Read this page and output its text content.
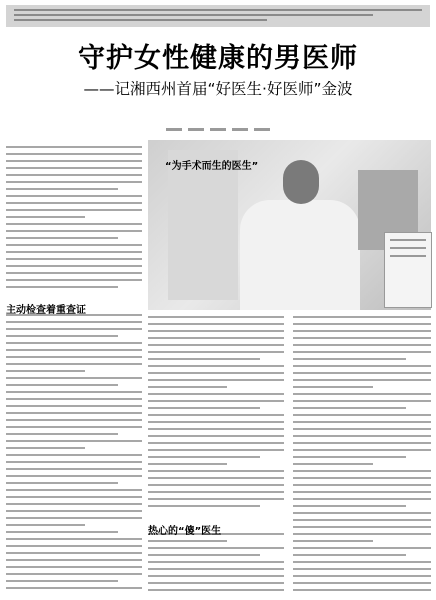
守护女性健康的男医师
——记湘西州首届“好医生·好医师”金波
主动检查着重查证
“为手术而生的医生”
热心的“傻”医生
